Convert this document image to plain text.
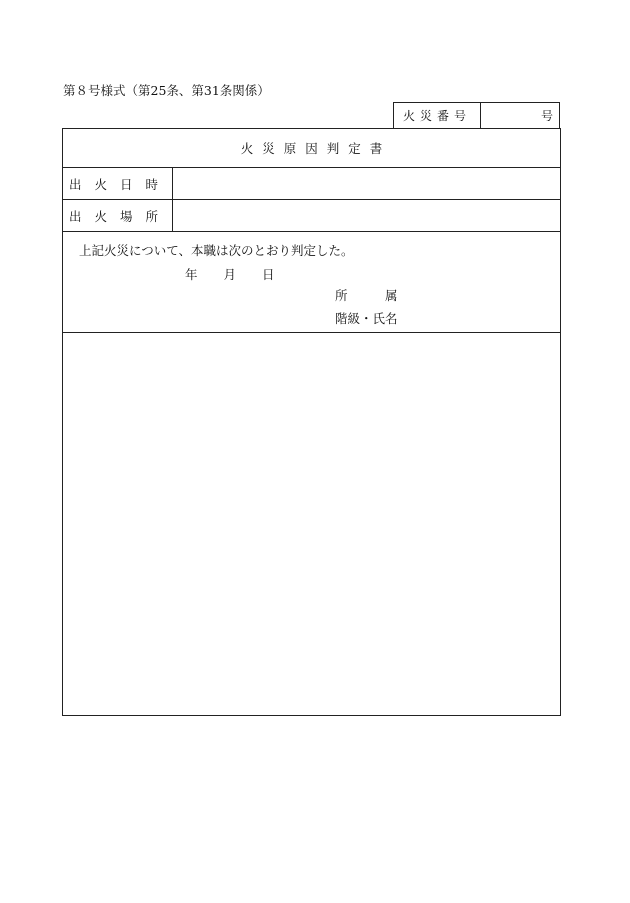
第８号様式（第25条、第31条関係）
火災番号	号
火災原因判定書
出火日時
出火場所
上記火災について、本職は次のとおり判定した。
年 月 日
所　　　属
階級・氏名
